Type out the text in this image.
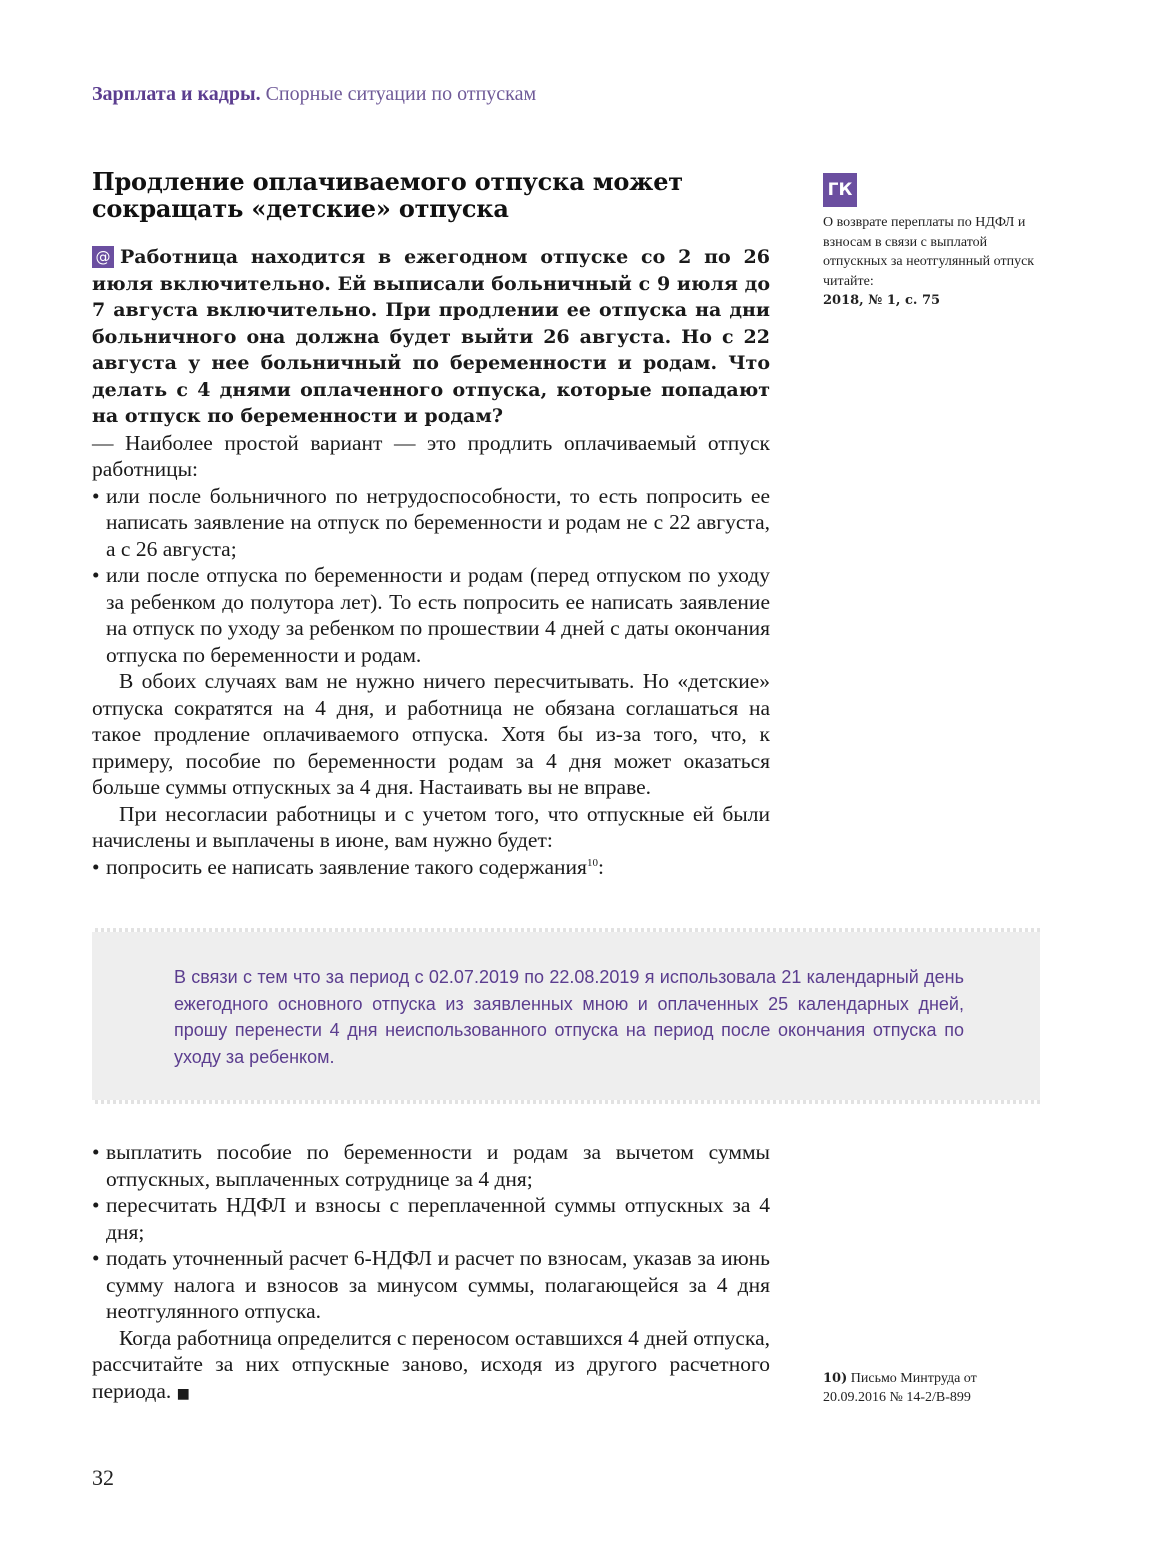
Зарплата и кадры. Спорные ситуации по отпускам
Продление оплачиваемого отпуска может сокращать «детские» отпуска

@ Работница находится в ежегодном отпуске со 2 по 26 июля включительно. Ей выписали больничный с 9 июля до 7 августа включительно. При продлении ее отпуска на дни больничного она должна будет выйти 26 августа. Но с 22 августа у нее больничный по беременности и родам. Что делать с 4 днями оплаченного отпуска, которые попадают на отпуск по беременности и родам?

— Наиболее простой вариант — это продлить оплачиваемый отпуск работницы:

• или после больничного по нетрудоспособности, то есть попросить ее написать заявление на отпуск по беременности и родам не с 22 августа, а с 26 августа;

• или после отпуска по беременности и родам (перед отпуском по уходу за ребенком до полутора лет). То есть попросить ее написать заявление на отпуск по уходу за ребенком по прошествии 4 дней с даты окончания отпуска по беременности и родам.

В обоих случаях вам не нужно ничего пересчитывать. Но «детские» отпуска сократятся на 4 дня, и работница не обязана соглашаться на такое продление оплачиваемого отпуска. Хотя бы из-за того, что, к примеру, пособие по беременности родам за 4 дня может оказаться больше суммы отпускных за 4 дня. Настаивать вы не вправе.

При несогласии работницы и с учетом того, что отпускные ей были начислены и выплачены в июне, вам нужно будет:

• попросить ее написать заявление такого содержания$^{10}$:

В связи с тем что за период с 02.07.2019 по 22.08.2019 я использовала 21 календарный день ежегодного основного отпуска из заявленных мною и оплаченных 25 календарных дней, прошу перенести 4 дня неиспользованного отпуска на период после окончания отпуска по уходу за ребенком.

• выплатить пособие по беременности и родам за вычетом суммы отпускных, выплаченных сотруднице за 4 дня;

• пересчитать НДФЛ и взносы с переплаченной суммы отпускных за 4 дня;

• подать уточненный расчет 6-НДФЛ и расчет по взносам, указав за июнь сумму налога и взносов за минусом суммы, полагающейся за 4 дня неотгулянного отпуска.

Когда работница определится с переносом оставшихся 4 дней отпуска, рассчитайте за них отпускные заново, исходя из другого расчетного периода. ■

ГК
О возврате переплаты по НДФЛ и взносам в связи с выплатой отпускных за неотгулянный отпуск читайте:
2018, № 1, с. 75
10) Письмо Минтруда от 20.09.2016 № 14-2/В-899
32
